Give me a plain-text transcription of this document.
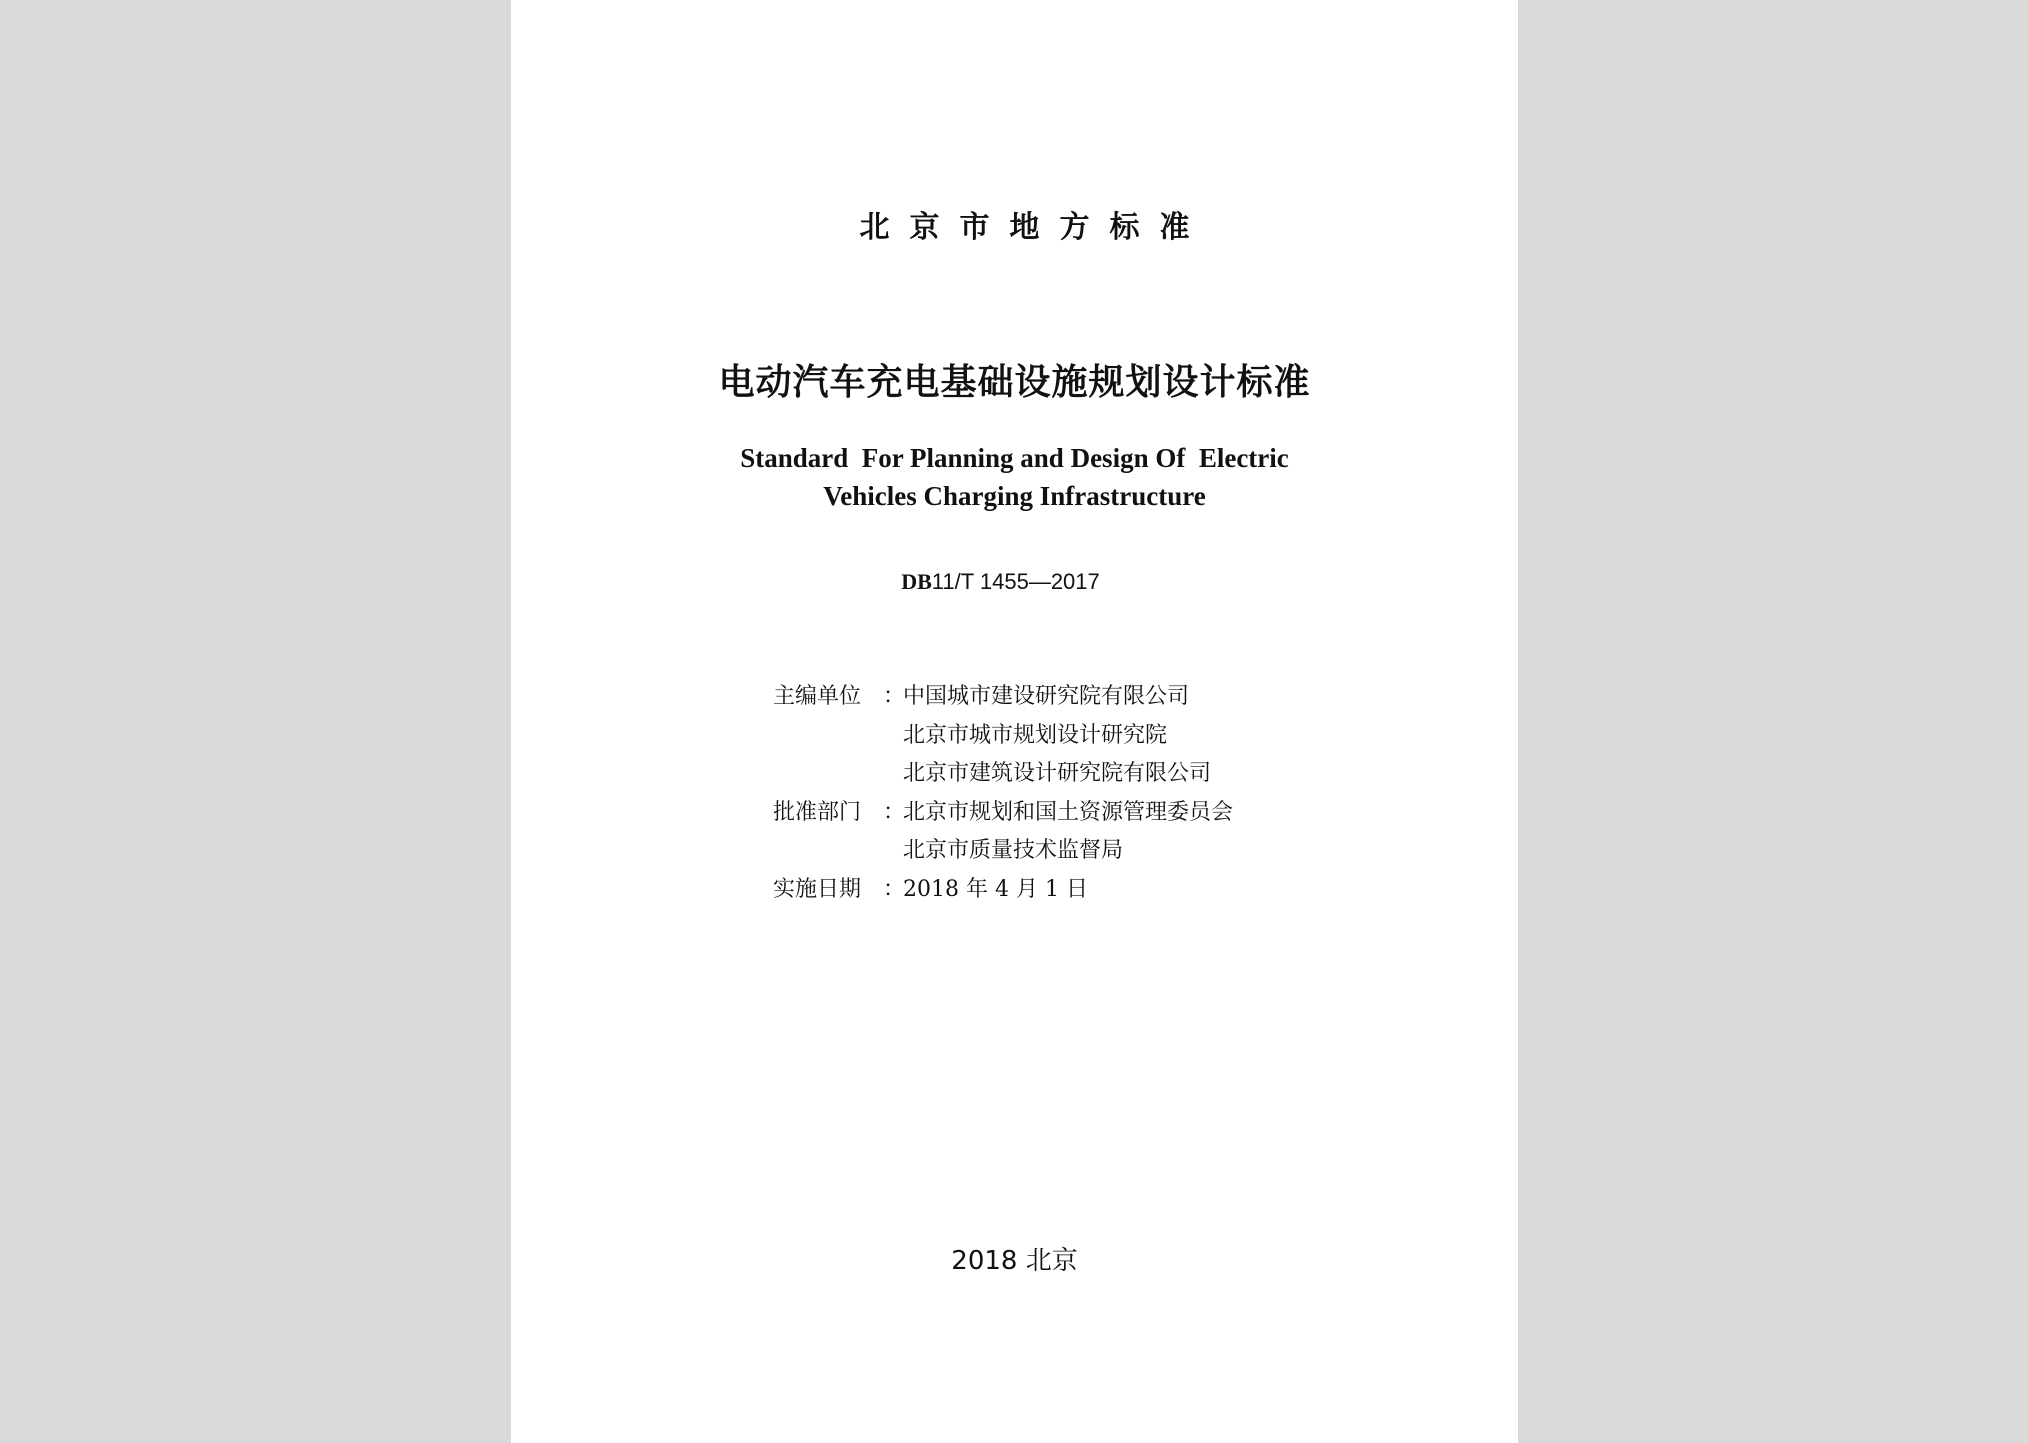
北京市地方标准
电动汽车充电基础设施规划设计标准
Standard  For Planning and Design Of  Electric
Vehicles Charging Infrastructure
DB11/T 1455—2017
主编单位 ：
中国城市建设研究院有限公司
北京市城市规划设计研究院
北京市建筑设计研究院有限公司
批准部门 ：
北京市规划和国土资源管理委员会
北京市质量技术监督局
实施日期 ：
2018 年 4 月 1 日
2018 北京
